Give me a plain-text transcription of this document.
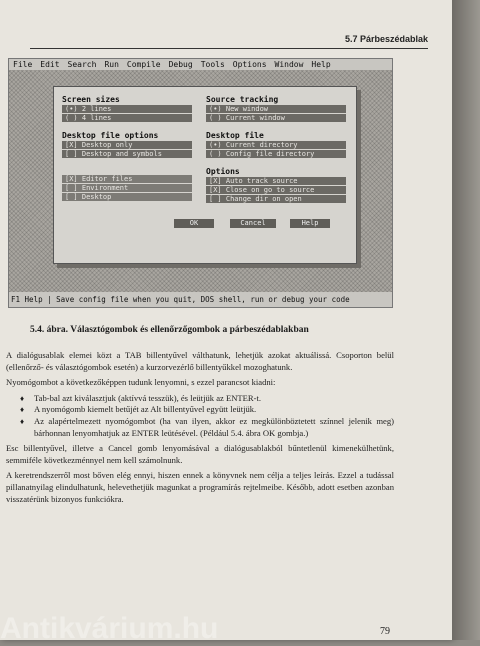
5.7 Párbeszédablak
File	Edit	Search	Run	Compile	Debug	Tools	Options	Window	Help
Screen sizes
(•) 2 lines
( ) 4 lines
Source tracking
(•) New window
( ) Current window
Desktop file options
[X] Desktop only
[ ] Desktop and symbols
Desktop file
(•) Current directory
( ) Config file directory
[X] Editor files
[ ] Environment
[ ] Desktop
Options
[X] Auto track source
[X] Close on go to source
[ ] Change dir on open
OK	Cancel	Help
F1 Help | Save config file when you quit, DOS shell, run or debug your code
5.4. ábra. Választógombok és ellenőrzőgombok a párbeszédablakban

A dialógusablak elemei közt a TAB billentyűvel válthatunk, lehetjük azokat aktuálissá. Csoporton belül (ellenőrző- és választógombok esetén) a kurzorvezérlő billentyűkkel mozoghatunk.

Nyomógombot a következőképpen tudunk lenyomni, s ezzel parancsot kiadni:

♦ Tab-bal azt kiválasztjuk (aktívvá tesszük), és leütjük az ENTER-t.
♦ A nyomógomb kiemelt betűjét az Alt billentyűvel együtt leütjük.
♦ Az alapértelmezett nyomógombot (ha van ilyen, akkor ez megkülönböztetett színnel jelenik meg) bárhonnan lenyomhatjuk az ENTER leütésével. (Például 5.4. ábra OK gombja.)

Esc billentyűvel, illetve a Cancel gomb lenyomásával a dialógusablakból bűntetlenül kimenekülhetünk, semmiféle következménnyel nem kell számolnunk.

A keretrendszerről most bőven elég ennyi, hiszen ennek a könyvnek nem célja a teljes leírás. Ezzel a tudással pillanatnyilag elindulhatunk, helevethetjük magunkat a programírás rejtelmeibe. Később, adott esetben azonban visszatérünk bizonyos funkciókra.

79
Antikvárium.hu
